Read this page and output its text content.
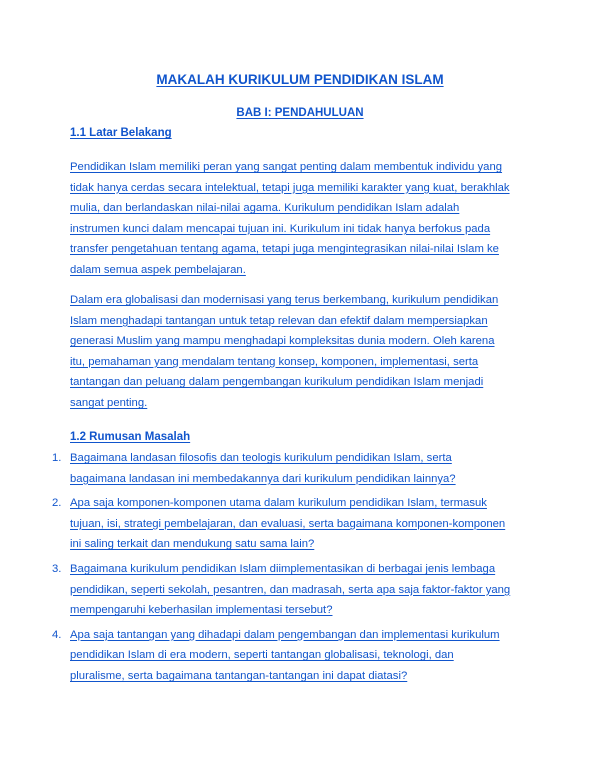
MAKALAH KURIKULUM PENDIDIKAN ISLAM
BAB I: PENDAHULUAN
1.1 Latar Belakang
Pendidikan Islam memiliki peran yang sangat penting dalam membentuk individu yang
tidak hanya cerdas secara intelektual, tetapi juga memiliki karakter yang kuat, berakhlak
mulia, dan berlandaskan nilai-nilai agama. Kurikulum pendidikan Islam adalah
instrumen kunci dalam mencapai tujuan ini. Kurikulum ini tidak hanya berfokus pada
transfer pengetahuan tentang agama, tetapi juga mengintegrasikan nilai-nilai Islam ke
dalam semua aspek pembelajaran.
Dalam era globalisasi dan modernisasi yang terus berkembang, kurikulum pendidikan
Islam menghadapi tantangan untuk tetap relevan dan efektif dalam mempersiapkan
generasi Muslim yang mampu menghadapi kompleksitas dunia modern. Oleh karena
itu, pemahaman yang mendalam tentang konsep, komponen, implementasi, serta
tantangan dan peluang dalam pengembangan kurikulum pendidikan Islam menjadi
sangat penting.
1.2 Rumusan Masalah
1. Bagaimana landasan filosofis dan teologis kurikulum pendidikan Islam, serta
bagaimana landasan ini membedakannya dari kurikulum pendidikan lainnya?
2. Apa saja komponen-komponen utama dalam kurikulum pendidikan Islam, termasuk
tujuan, isi, strategi pembelajaran, dan evaluasi, serta bagaimana komponen-komponen
ini saling terkait dan mendukung satu sama lain?
3. Bagaimana kurikulum pendidikan Islam diimplementasikan di berbagai jenis lembaga
pendidikan, seperti sekolah, pesantren, dan madrasah, serta apa saja faktor-faktor yang
mempengaruhi keberhasilan implementasi tersebut?
4. Apa saja tantangan yang dihadapi dalam pengembangan dan implementasi kurikulum
pendidikan Islam di era modern, seperti tantangan globalisasi, teknologi, dan
pluralisme, serta bagaimana tantangan-tantangan ini dapat diatasi?
